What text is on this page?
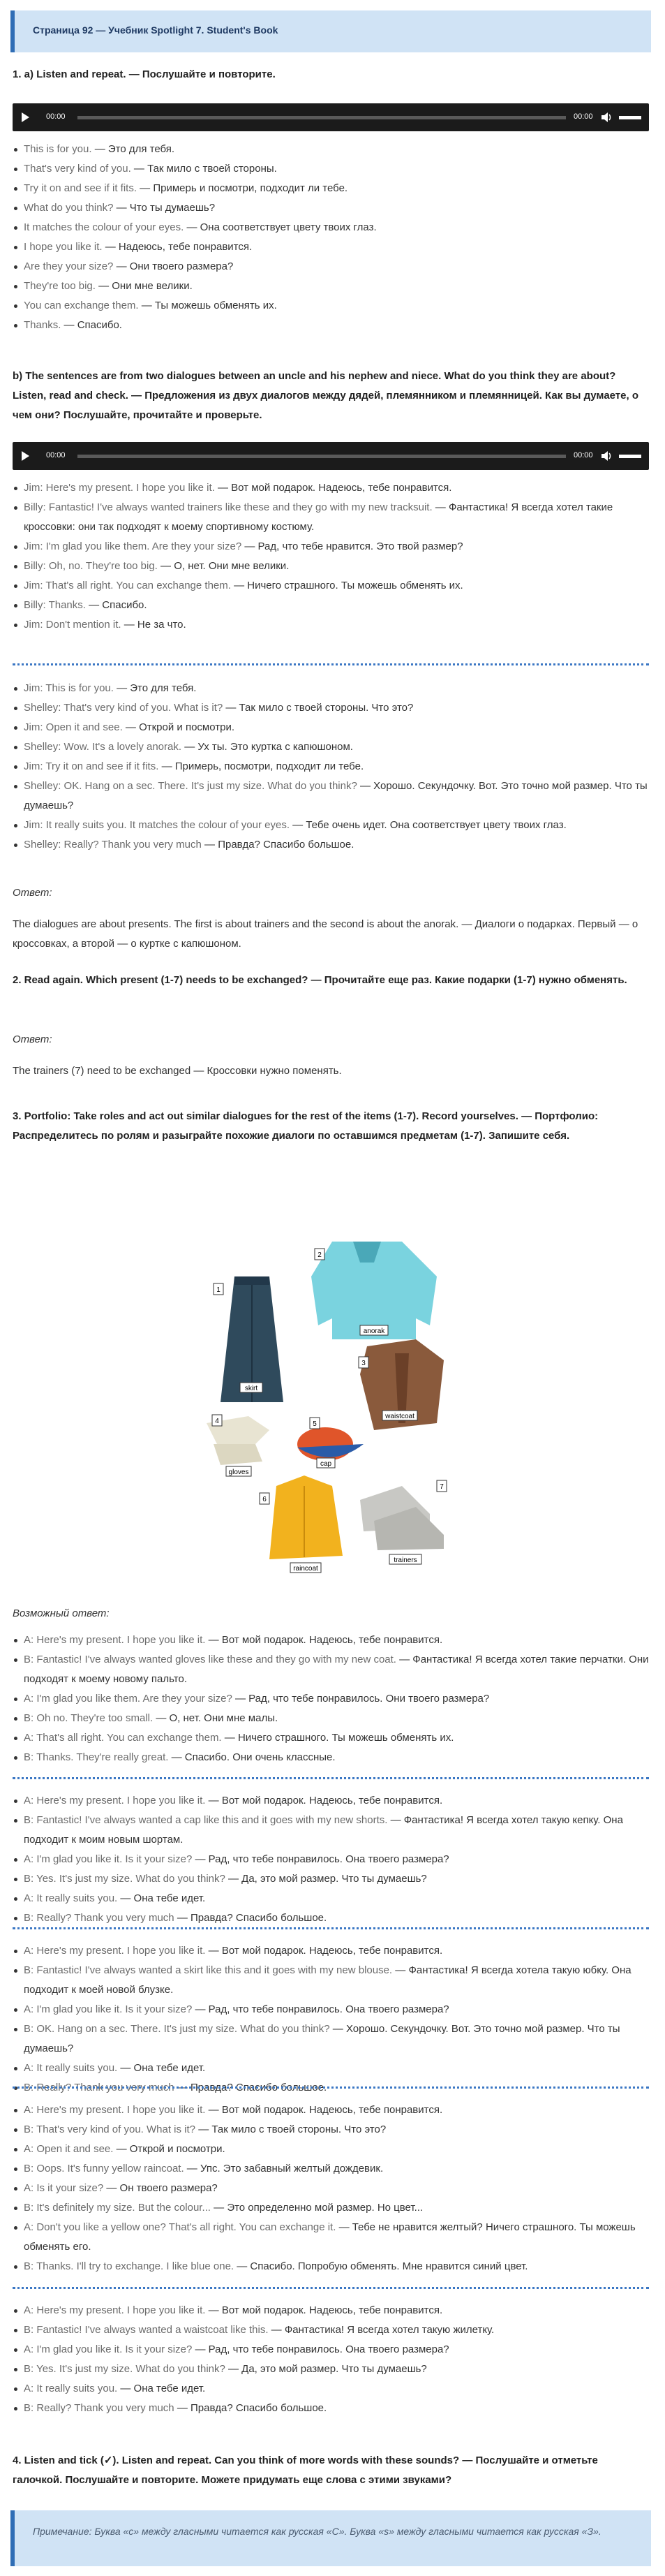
Страница 92 — Учебник Spotlight 7. Student's Book
1. a) Listen and repeat. — Послушайте и повторите.
00:00	00:00
This is for you. — Это для тебя.
That's very kind of you. — Так мило с твоей стороны.
Try it on and see if it fits. — Примерь и посмотри, подходит ли тебе.
What do you think? — Что ты думаешь?
It matches the colour of your eyes. — Она соответствует цвету твоих глаз.
I hope you like it. — Надеюсь, тебе понравится.
Are they your size? — Они твоего размера?
They're too big. — Они мне велики.
You can exchange them. — Ты можешь обменять их.
Thanks. — Спасибо.
b) The sentences are from two dialogues between an uncle and his nephew and niece. What do you think they are about? Listen, read and check. — Предложения из двух диалогов между дядей, племянником и племянницей. Как вы думаете, о чем они? Послушайте, прочитайте и проверьте.
00:00	00:00
Jim: Here's my present. I hope you like it. — Вот мой подарок. Надеюсь, тебе понравится.
Billy: Fantastic! I've always wanted trainers like these and they go with my new tracksuit. — Фантастика! Я всегда хотел такие кроссовки: они так подходят к моему спортивному костюму.
Jim: I'm glad you like them. Are they your size? — Рад, что тебе нравится. Это твой размер?
Billy: Oh, no. They're too big. — О, нет. Они мне велики.
Jim: That's all right. You can exchange them. — Ничего страшного. Ты можешь обменять их.
Billy: Thanks. — Спасибо.
Jim: Don't mention it. — Не за что.
Jim: This is for you. — Это для тебя.
Shelley: That's very kind of you. What is it? — Так мило с твоей стороны. Что это?
Jim: Open it and see. — Открой и посмотри.
Shelley: Wow. It's a lovely anorak. — Ух ты. Это куртка с капюшоном.
Jim: Try it on and see if it fits. — Примерь, посмотри, подходит ли тебе.
Shelley: OK. Hang on a sec. There. It's just my size. What do you think? — Хорошо. Секундочку. Вот. Это точно мой размер. Что ты думаешь?
Jim: It really suits you. It matches the colour of your eyes. — Тебе очень идет. Она соответствует цвету твоих глаз.
Shelley: Really? Thank you very much — Правда? Спасибо большое.
Ответ:
The dialogues are about presents. The first is about trainers and the second is about the anorak. — Диалоги о подарках. Первый — о кроссовках, а второй — о куртке с капюшоном.
2. Read again. Which present (1-7) needs to be exchanged? — Прочитайте еще раз. Какие подарки (1-7) нужно обменять.
Ответ:
The trainers (7) need to be exchanged — Кроссовки нужно поменять.
3. Portfolio: Take roles and act out similar dialogues for the rest of the items (1-7). Record yourselves. — Портфолио: Распределитесь по ролям и разыграйте похожие диалоги по оставшимся предметам (1-7). Запишите себя.
1
skirt
2
anorak
3
waistcoat
4
gloves
5
cap
6
raincoat
7
trainers
Возможный ответ:
A: Here's my present. I hope you like it. — Вот мой подарок. Надеюсь, тебе понравится.
B: Fantastic! I've always wanted gloves like these and they go with my new coat. — Фантастика! Я всегда хотел такие перчатки. Они подходят к моему новому пальто.
A: I'm glad you like them. Are they your size? — Рад, что тебе понравилось. Они твоего размера?
B: Oh no. They're too small. — О, нет. Они мне малы.
A: That's all right. You can exchange them. — Ничего страшного. Ты можешь обменять их.
B: Thanks. They're really great. — Спасибо. Они очень классные.
A: Here's my present. I hope you like it. — Вот мой подарок. Надеюсь, тебе понравится.
B: Fantastic! I've always wanted a cap like this and it goes with my new shorts. — Фантастика! Я всегда хотел такую кепку. Она подходит к моим новым шортам.
A: I'm glad you like it. Is it your size? — Рад, что тебе понравилось. Она твоего размера?
B: Yes. It's just my size. What do you think? — Да, это мой размер. Что ты думаешь?
A: It really suits you. — Она тебе идет.
B: Really? Thank you very much — Правда? Спасибо большое.
A: Here's my present. I hope you like it. — Вот мой подарок. Надеюсь, тебе понравится.
B: Fantastic! I've always wanted a skirt like this and it goes with my new blouse. — Фантастика! Я всегда хотела такую юбку. Она подходит к моей новой блузке.
A: I'm glad you like it. Is it your size? — Рад, что тебе понравилось. Она твоего размера?
B: OK. Hang on a sec. There. It's just my size. What do you think? — Хорошо. Секундочку. Вот. Это точно мой размер. Что ты думаешь?
A: It really suits you. — Она тебе идет.
B: Really? Thank you very much — Правда? Спасибо большое.
A: Here's my present. I hope you like it. — Вот мой подарок. Надеюсь, тебе понравится.
B: That's very kind of you. What is it? — Так мило с твоей стороны. Что это?
A: Open it and see. — Открой и посмотри.
B: Oops. It's funny yellow raincoat. — Упс. Это забавный желтый дождевик.
A: Is it your size? — Он твоего размера?
B: It's definitely my size. But the colour... — Это определенно мой размер. Но цвет...
A: Don't you like a yellow one? That's all right. You can exchange it. — Тебе не нравится желтый? Ничего страшного. Ты можешь обменять его.
B: Thanks. I'll try to exchange. I like blue one. — Спасибо. Попробую обменять. Мне нравится синий цвет.
A: Here's my present. I hope you like it. — Вот мой подарок. Надеюсь, тебе понравится.
B: Fantastic! I've always wanted a waistcoat like this. — Фантастика! Я всегда хотел такую жилетку.
A: I'm glad you like it. Is it your size? — Рад, что тебе понравилось. Она твоего размера?
B: Yes. It's just my size. What do you think? — Да, это мой размер. Что ты думаешь?
A: It really suits you. — Она тебе идет.
B: Really? Thank you very much — Правда? Спасибо большое.
4. Listen and tick (✓). Listen and repeat. Can you think of more words with these sounds? — Послушайте и отметьте галочкой. Послушайте и повторите. Можете придумать еще слова с этими звуками?
Примечание: Буква «c» между гласными читается как русская «С». Буква «s» между гласными читается как русская «З».
